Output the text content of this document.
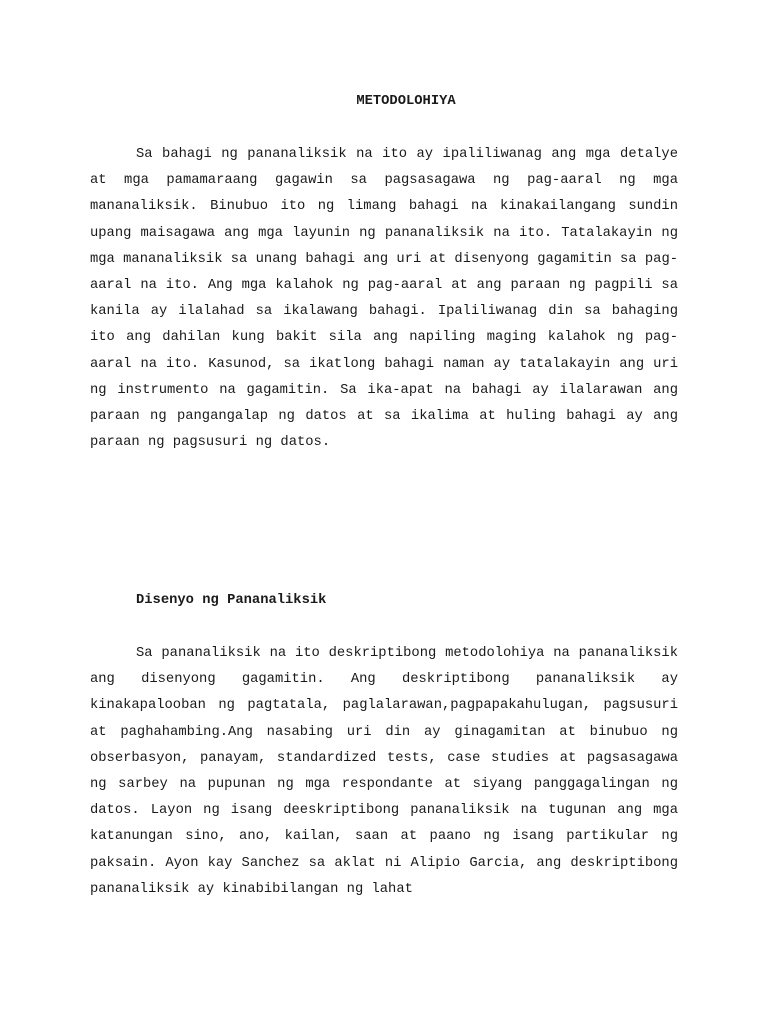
METODOLOHIYA

Sa bahagi ng pananaliksik na ito ay ipaliliwanag ang mga detalye at mga pamamaraang gagawin sa pagsasagawa ng pag-aaral ng mga mananaliksik. Binubuo ito ng limang bahagi na kinakailangang sundin upang maisagawa ang mga layunin ng pananaliksik na ito. Tatalakayin ng mga mananaliksik sa unang bahagi ang uri at disenyong gagamitin sa pag-aaral na ito. Ang mga kalahok ng pag-aaral at ang paraan ng pagpili sa kanila ay ilalahad sa ikalawang bahagi. Ipaliliwanag din sa bahaging ito ang dahilan kung bakit sila ang napiling maging kalahok ng pag-aaral na ito. Kasunod, sa ikatlong bahagi naman ay tatalakayin ang uri ng instrumento na gagamitin. Sa ika-apat na bahagi ay ilalarawan ang paraan ng pangangalap ng datos at sa ikalima at huling bahagi ay ang paraan ng pagsusuri ng datos.

Disenyo ng Pananaliksik

Sa pananaliksik na ito deskriptibong metodolohiya na pananaliksik ang disenyong gagamitin. Ang deskriptibong pananaliksik ay kinakapalooban ng pagtatala, paglalarawan,pagpapakahulugan, pagsusuri at paghahambing.Ang nasabing uri din ay ginagamitan at binubuo ng obserbasyon, panayam, standardized tests, case studies at pagsasagawa ng sarbey na pupunan ng mga respondante at siyang panggagalingan ng datos. Layon ng isang deeskriptibong pananaliksik na tugunan ang mga katanungan sino, ano, kailan, saan at paano ng isang partikular ng paksain. Ayon kay Sanchez sa aklat ni Alipio Garcia, ang deskriptibong pananaliksik ay kinabibilangan ng lahat
